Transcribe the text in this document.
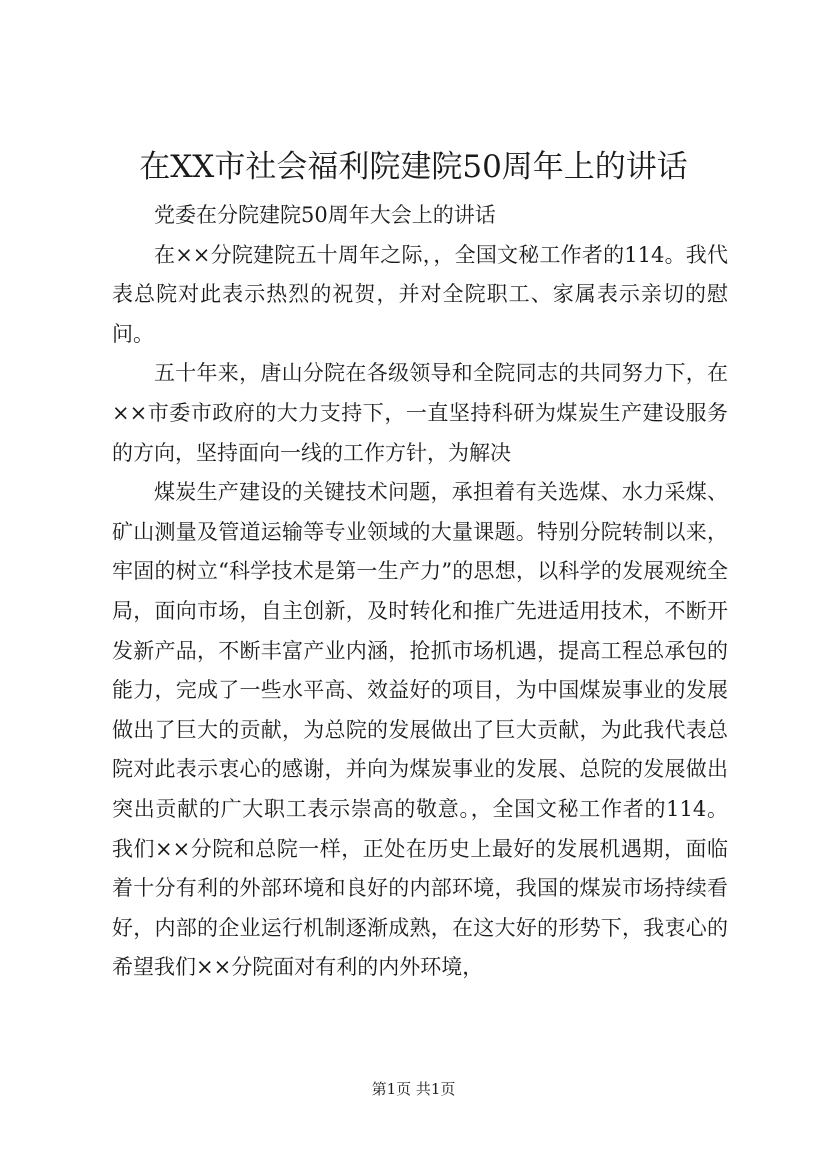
在XX市社会福利院建院50周年上的讲话

党委在分院建院50周年大会上的讲话

在××分院建院五十周年之际，，全国文秘工作者的114。我代表总院对此表示热烈的祝贺，并对全院职工、家属表示亲切的慰问。

五十年来，唐山分院在各级领导和全院同志的共同努力下，在××市委市政府的大力支持下，一直坚持科研为煤炭生产建设服务的方向，坚持面向一线的工作方针，为解决

煤炭生产建设的关键技术问题，承担着有关选煤、水力采煤、矿山测量及管道运输等专业领域的大量课题。特别分院转制以来，牢固的树立“科学技术是第一生产力”的思想，以科学的发展观统全局，面向市场，自主创新，及时转化和推广先进适用技术，不断开发新产品，不断丰富产业内涵，抢抓市场机遇，提高工程总承包的能力，完成了一些水平高、效益好的项目，为中国煤炭事业的发展做出了巨大的贡献，为总院的发展做出了巨大贡献，为此我代表总院对此表示衷心的感谢，并向为煤炭事业的发展、总院的发展做出突出贡献的广大职工表示崇高的敬意。，全国文秘工作者的114。我们××分院和总院一样，正处在历史上最好的发展机遇期，面临着十分有利的外部环境和良好的内部环境，我国的煤炭市场持续看好，内部的企业运行机制逐渐成熟，在这大好的形势下，我衷心的希望我们××分院面对有利的内外环境，

第1页 共1页
